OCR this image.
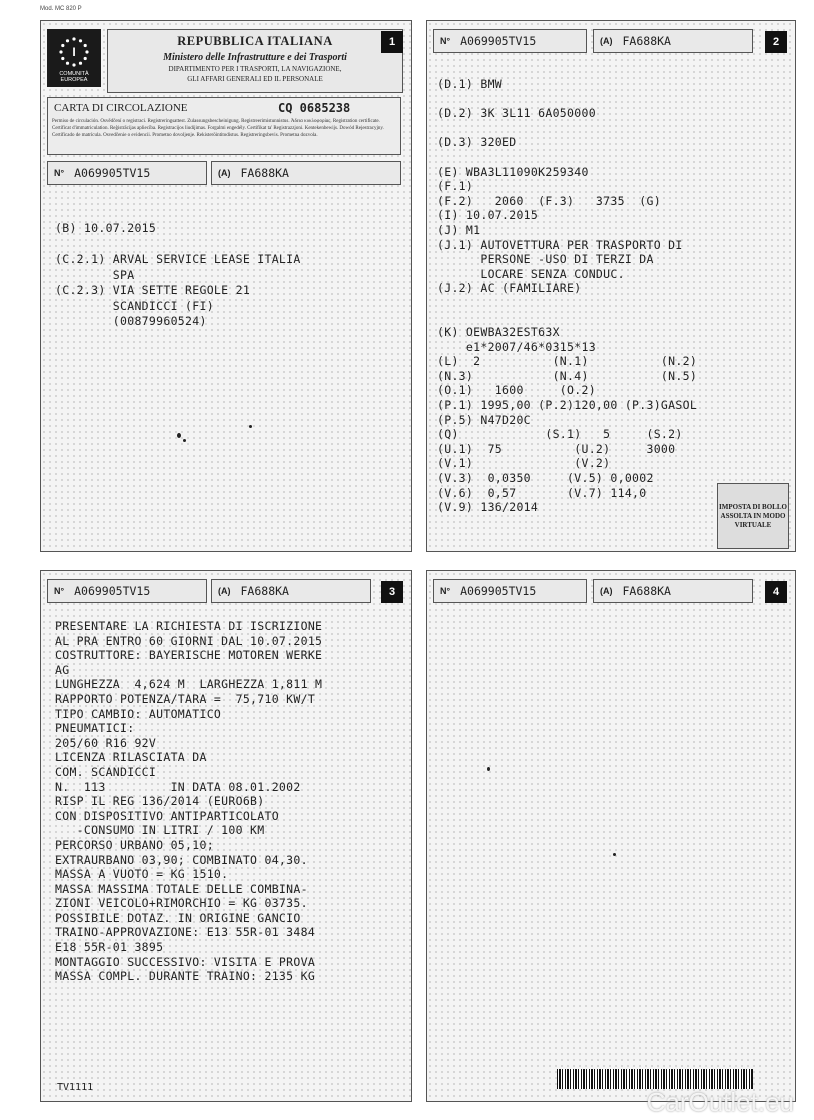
Mod. MC 820 P
I
COMUNITÀ EUROPEA
REPUBBLICA ITALIANA
Ministero delle Infrastrutture e dei Trasporti
DIPARTIMENTO PER I TRASPORTI, LA NAVIGAZIONE,
GLI AFFARI GENERALI ED IL PERSONALE
1
CARTA DI CIRCOLAZIONE	CQ 0685238
Permiso de circulación. Osvědčení o registraci. Registreringsattest. Zulassungsbescheinigung. Registreerimistunnistus. Άδεια κυκλοφορίας. Registration certificate. Certificat d'immatriculation. Reģistrācijas apliecība. Registracijos liudijimas. Forgalmi engedély. Certifikat ta' Registrazzjoni. Kentekenbewijs. Dowód Rejestracyjny. Certificado de matrícula. Osvedčenie o evidencii. Prometno dovoljenje. Rekisteröintitodistus. Registreringsbevis. Prometna dozvola.
N° A069905TV15	(A) FA688KA
(B) 10.07.2015

(C.2.1) ARVAL SERVICE LEASE ITALIA
SPA
(C.2.3) VIA SETTE REGOLE 21
SCANDICCI (FI)
(00879960524)
N° A069905TV15	(A) FA688KA	2
(D.1) BMW

(D.2) 3K 3L11 6A050000

(D.3) 320ED

(E) WBA3L11090K259340
(F.1)
(F.2)   2060  (F.3)   3735  (G)
(I) 10.07.2015
(J) M1
(J.1) AUTOVETTURA PER TRASPORTO DI
PERSONE -USO DI TERZI DA
LOCARE SENZA CONDUC.
(J.2) AC (FAMILIARE)

(K) OEWBA32EST63X
e1*2007/46*0315*13
(L)  2          (N.1)          (N.2)
(N.3)           (N.4)          (N.5)
(O.1)   1600     (O.2)
(P.1) 1995,00 (P.2)120,00 (P.3)GASOL
(P.5) N47D20C
(Q)            (S.1)   5     (S.2)
(U.1)  75          (U.2)     3000
(V.1)              (V.2)
(V.3)  0,0350     (V.5) 0,0002
(V.6)  0,57       (V.7) 114,0
(V.9) 136/2014	IMPOSTA DI BOLLO ASSOLTA IN MODO VIRTUALE
N° A069905TV15	(A) FA688KA	3
PRESENTARE LA RICHIESTA DI ISCRIZIONE
AL PRA ENTRO 60 GIORNI DAL 10.07.2015
COSTRUTTORE: BAYERISCHE MOTOREN WERKE
AG
LUNGHEZZA  4,624 M  LARGHEZZA 1,811 M
RAPPORTO POTENZA/TARA =  75,710 KW/T
TIPO CAMBIO: AUTOMATICO
PNEUMATICI:
205/60 R16 92V
LICENZA RILASCIATA DA
COM. SCANDICCI
N.  113         IN DATA 08.01.2002
RISP IL REG 136/2014 (EURO6B)
CON DISPOSITIVO ANTIPARTICOLATO
-CONSUMO IN LITRI / 100 KM
PERCORSO URBANO 05,10;
EXTRAURBANO 03,90; COMBINATO 04,30.
MASSA A VUOTO = KG 1510.
MASSA MASSIMA TOTALE DELLE COMBINA-
ZIONI VEICOLO+RIMORCHIO = KG 03735.
POSSIBILE DOTAZ. IN ORIGINE GANCIO
TRAINO-APPROVAZIONE: E13 55R-01 3484
E18 55R-01 3895
MONTAGGIO SUCCESSIVO: VISITA E PROVA
MASSA COMPL. DURANTE TRAINO: 2135 KG
TV1111
N° A069905TV15	(A) FA688KA	4
CarOutlet.eu
